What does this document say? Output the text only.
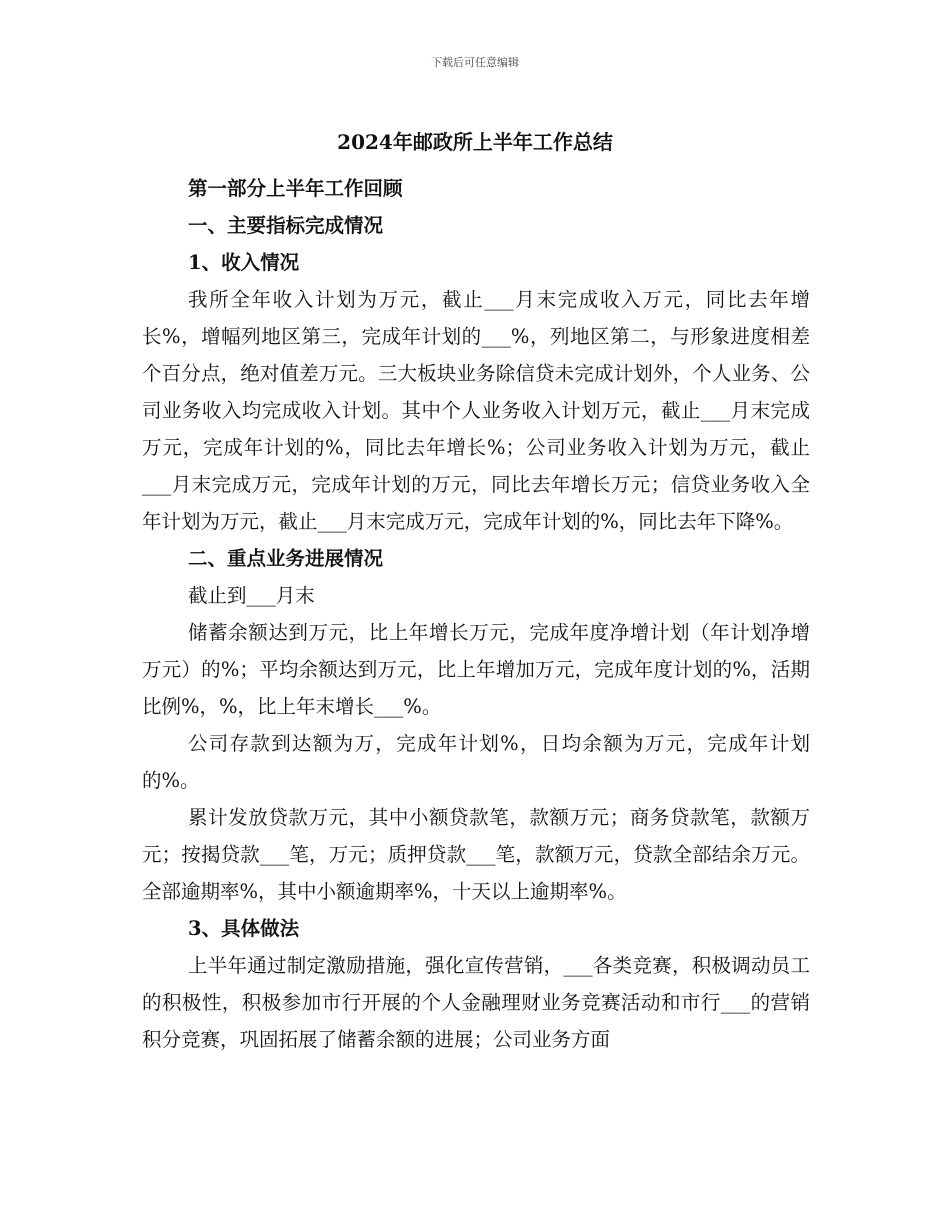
下载后可任意编辑
2024年邮政所上半年工作总结

第一部分上半年工作回顾

一、主要指标完成情况

1、收入情况

我所全年收入计划为万元，截止___月末完成收入万元，同比去年增长%，增幅列地区第三，完成年计划的___%，列地区第二，与形象进度相差个百分点，绝对值差万元。三大板块业务除信贷未完成计划外，个人业务、公司业务收入均完成收入计划。其中个人业务收入计划万元，截止___月末完成万元，完成年计划的%，同比去年增长%；公司业务收入计划为万元，截止___月末完成万元，完成年计划的万元，同比去年增长万元；信贷业务收入全年计划为万元，截止___月末完成万元，完成年计划的%，同比去年下降%。

二、重点业务进展情况

截止到___月末

储蓄余额达到万元，比上年增长万元，完成年度净增计划（年计划净增万元）的%；平均余额达到万元，比上年增加万元，完成年度计划的%，活期比例%，%，比上年末增长___%。

公司存款到达额为万，完成年计划%，日均余额为万元，完成年计划的%。

累计发放贷款万元，其中小额贷款笔，款额万元；商务贷款笔，款额万元；按揭贷款___笔，万元；质押贷款___笔，款额万元，贷款全部结余万元。全部逾期率%，其中小额逾期率%，十天以上逾期率%。

3、具体做法

上半年通过制定激励措施，强化宣传营销，___各类竞赛，积极调动员工的积极性，积极参加市行开展的个人金融理财业务竞赛活动和市行___的营销积分竞赛，巩固拓展了储蓄余额的进展；公司业务方面
